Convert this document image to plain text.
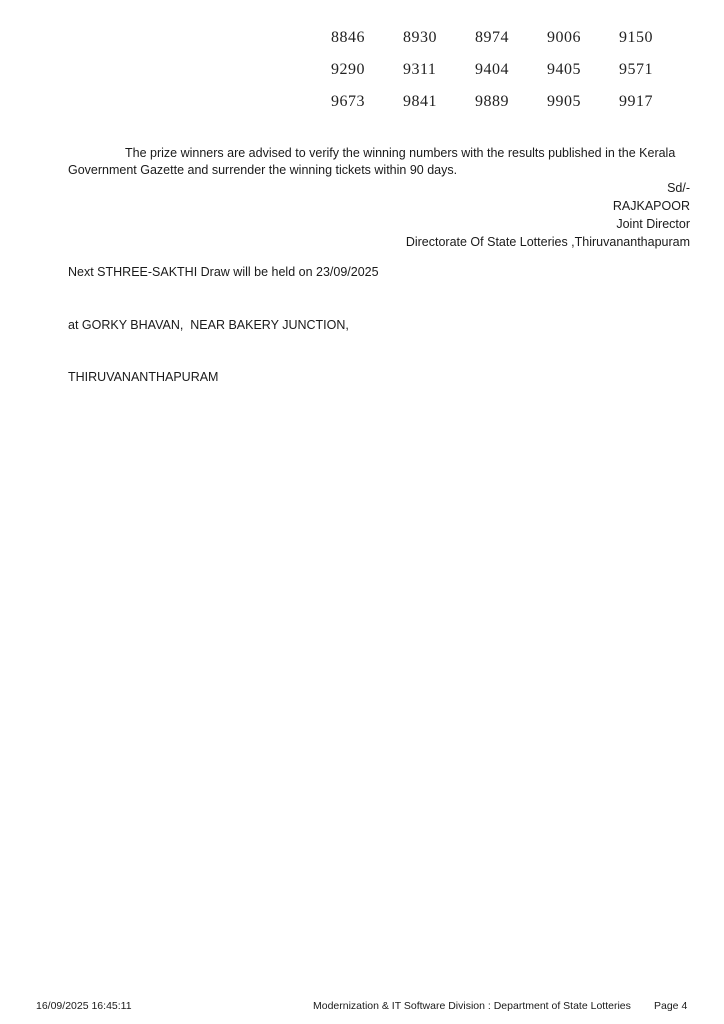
8846	8930	8974	9006	9150
9290	9311	9404	9405	9571
9673	9841	9889	9905	9917
The prize winners are advised to verify the winning numbers with the results published in the Kerala Government Gazette and surrender the winning tickets within 90 days.
Sd/-
RAJKAPOOR
Joint Director
Directorate Of State Lotteries ,Thiruvananthapuram

Next STHREE-SAKTHI Draw will be held on 23/09/2025

at GORKY BHAVAN,  NEAR BAKERY JUNCTION,

THIRUVANANTHAPURAM

16/09/2025 16:45:11	Modernization & IT Software Division : Department of State Lotteries Page 4
